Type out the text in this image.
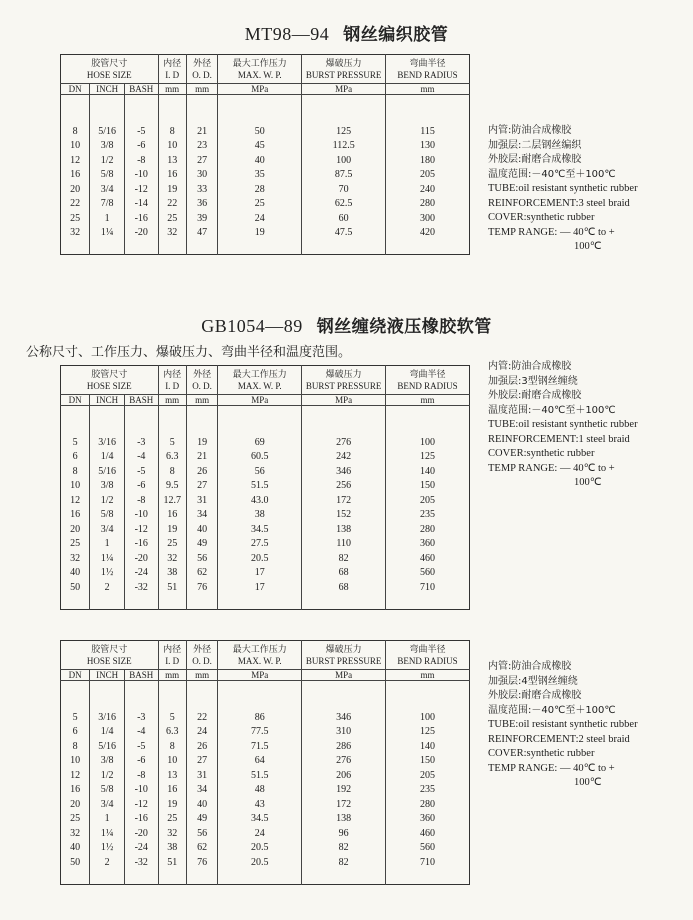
MT98—94 钢丝编织胶管
胶管尺寸			内径	外径	最大工作压力	爆破压力	弯曲半径
HOSE SIZE			I. D	O. D.	MAX. W. P.	BURST PRESSURE	BEND RADIUS
DN	INCH	BASH	mm	mm	MPa	MPa	mm

8	5/16	-5	8	21	50	125	115
10	3/8	-6	10	23	45	112.5	130
12	1/2	-8	13	27	40	100	180
16	5/8	-10	16	30	35	87.5	205
20	3/4	-12	19	33	28	70	240
22	7/8	-14	22	36	25	62.5	280
25	1	-16	25	39	24	60	300
32	1¼	-20	32	47	19	47.5	420

内管:防油合成橡胶
加强层:二层钢丝编织
外胶层:耐磨合成橡胶
温度范围:－40℃至＋100℃
TUBE:oil resistant synthetic rubber
REINFORCEMENT:3 steel braid
COVER:synthetic rubber
TEMP RANGE: — 40℃ to +
100℃
GB1054—89 钢丝缠绕液压橡胶软管
公称尺寸、工作压力、爆破压力、弯曲半径和温度范围。
胶管尺寸			内径	外径	最大工作压力	爆破压力	弯曲半径
HOSE SIZE			I. D	O. D.	MAX. W. P.	BURST PRESSURE	BEND RADIUS
DN	INCH	BASH	mm	mm	MPa	MPa	mm

5	3/16	-3	5	19	69	276	100
6	1/4	-4	6.3	21	60.5	242	125
8	5/16	-5	8	26	56	346	140
10	3/8	-6	9.5	27	51.5	256	150
12	1/2	-8	12.7	31	43.0	172	205
16	5/8	-10	16	34	38	152	235
20	3/4	-12	19	40	34.5	138	280
25	1	-16	25	49	27.5	110	360
32	1¼	-20	32	56	20.5	82	460
40	1½	-24	38	62	17	68	560
50	2	-32	51	76	17	68	710

内管:防油合成橡胶
加强层:3型钢丝缠绕
外胶层:耐磨合成橡胶
温度范围:－40℃至＋100℃
TUBE:oil resistant synthetic rubber
REINFORCEMENT:1 steel braid
COVER:synthetic rubber
TEMP RANGE: — 40℃ to +
100℃
胶管尺寸			内径	外径	最大工作压力	爆破压力	弯曲半径
HOSE SIZE			I. D	O. D.	MAX. W. P.	BURST PRESSURE	BEND RADIUS
DN	INCH	BASH	mm	mm	MPa	MPa	mm

5	3/16	-3	5	22	86	346	100
6	1/4	-4	6.3	24	77.5	310	125
8	5/16	-5	8	26	71.5	286	140
10	3/8	-6	10	27	64	276	150
12	1/2	-8	13	31	51.5	206	205
16	5/8	-10	16	34	48	192	235
20	3/4	-12	19	40	43	172	280
25	1	-16	25	49	34.5	138	360
32	1¼	-20	32	56	24	96	460
40	1½	-24	38	62	20.5	82	560
50	2	-32	51	76	20.5	82	710

内管:防油合成橡胶
加强层:4型钢丝缠绕
外胶层:耐磨合成橡胶
温度范围:－40℃至＋100℃
TUBE:oil resistant synthetic rubber
REINFORCEMENT:2 steel braid
COVER:synthetic rubber
TEMP RANGE: — 40℃ to +
100℃
